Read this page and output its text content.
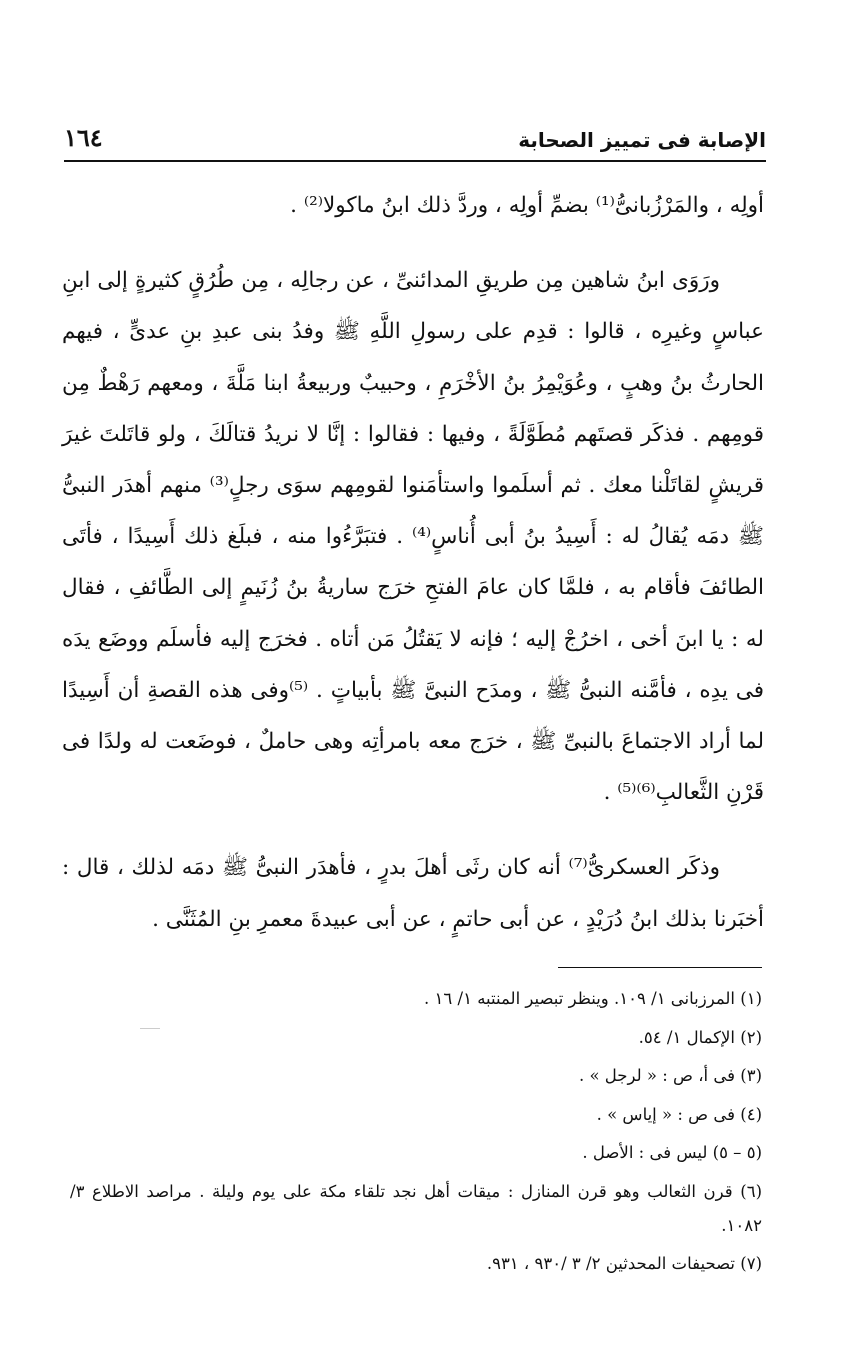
١٦٤	الإصابة فى تمييز الصحابة

أولِه ، والمَرْزُبانىُّ⁽¹⁾ بضمِّ أولِه ، وردَّ ذلك ابنُ ماكولا⁽²⁾ .

ورَوَى ابنُ شاهين مِن طريقِ المدائنىِّ ، عن رجالِه ، مِن طُرُقٍ كثيرةٍ إلى ابنِ عباسٍ وغيرِه ، قالوا : قدِم على رسولِ اللَّهِ ﷺ وفدُ بنى عبدِ بنِ عدىٍّ ، فيهم الحارثُ بنُ وهبٍ ، وعُوَيْمِرُ بنُ الأخْرَمِ ، وحبيبٌ وربيعةُ ابنا مَلَّةَ ، ومعهم رَهْطٌ مِن قومِهم . فذكَر قصتَهم مُطَوَّلَةً ، وفيها : فقالوا : إنَّا لا نريدُ قتالَكَ ، ولو قاتَلتَ غيرَ قريشٍ لقاتَلْنا معك . ثم أسلَموا واستأمَنوا لقومِهم سوَى رجلٍ⁽³⁾ منهم أهدَر النبىُّ ﷺ دمَه يُقالُ له : أَسِيدُ بنُ أبى أُناسٍ⁽⁴⁾ . فتبَرَّءُوا منه ، فبلَغ ذلك أَسِيدًا ، فأتَى الطائفَ فأقام به ، فلمَّا كان عامَ الفتحِ خرَج ساريةُ بنُ زُنَيمٍ إلى الطَّائفِ ، فقال له : يا ابنَ أخى ، اخرُجْ إليه ؛ فإنه لا يَقتُلُ مَن أتاه . فخرَج إليه فأسلَم ووضَع يدَه فى يدِه ، فأمَّنه النبىُّ ﷺ ، ومدَح النبىَّ ﷺ بأبياتٍ . ⁽⁵⁾وفى هذه القصةِ أن أَسِيدًا لما أراد الاجتماعَ بالنبىِّ ﷺ ، خرَج معه بامرأتِه وهى حاملٌ ، فوضَعت له ولدًا فى قَرْنِ الثَّعالبِ⁽⁶⁾⁽⁵⁾ .

وذكَر العسكرىُّ⁽⁷⁾ أنه كان رثَى أهلَ بدرٍ ، فأهدَر النبىُّ ﷺ دمَه لذلك ، قال : أخبَرنا بذلك ابنُ دُرَيْدٍ ، عن أبى حاتمٍ ، عن أبى عبيدةَ معمرِ بنِ المُثَنَّى .

(١) المرزبانى ١/ ١٠٩. وينظر تبصير المنتبه ١/ ١٦ .

(٢) الإكمال ١/ ٥٤.

(٣) فى أ، ص : « لرجل » .

(٤) فى ص : « إياس » .

(٥ – ٥) ليس فى : الأصل .

(٦) قرن الثعالب وهو قرن المنازل : ميقات أهل نجد تلقاء مكة على يوم وليلة . مراصد الاطلاع ٣/ ١٠٨٢.

(٧) تصحيفات المحدثين ٢/ ٣ /٩٣٠ ، ٩٣١.
